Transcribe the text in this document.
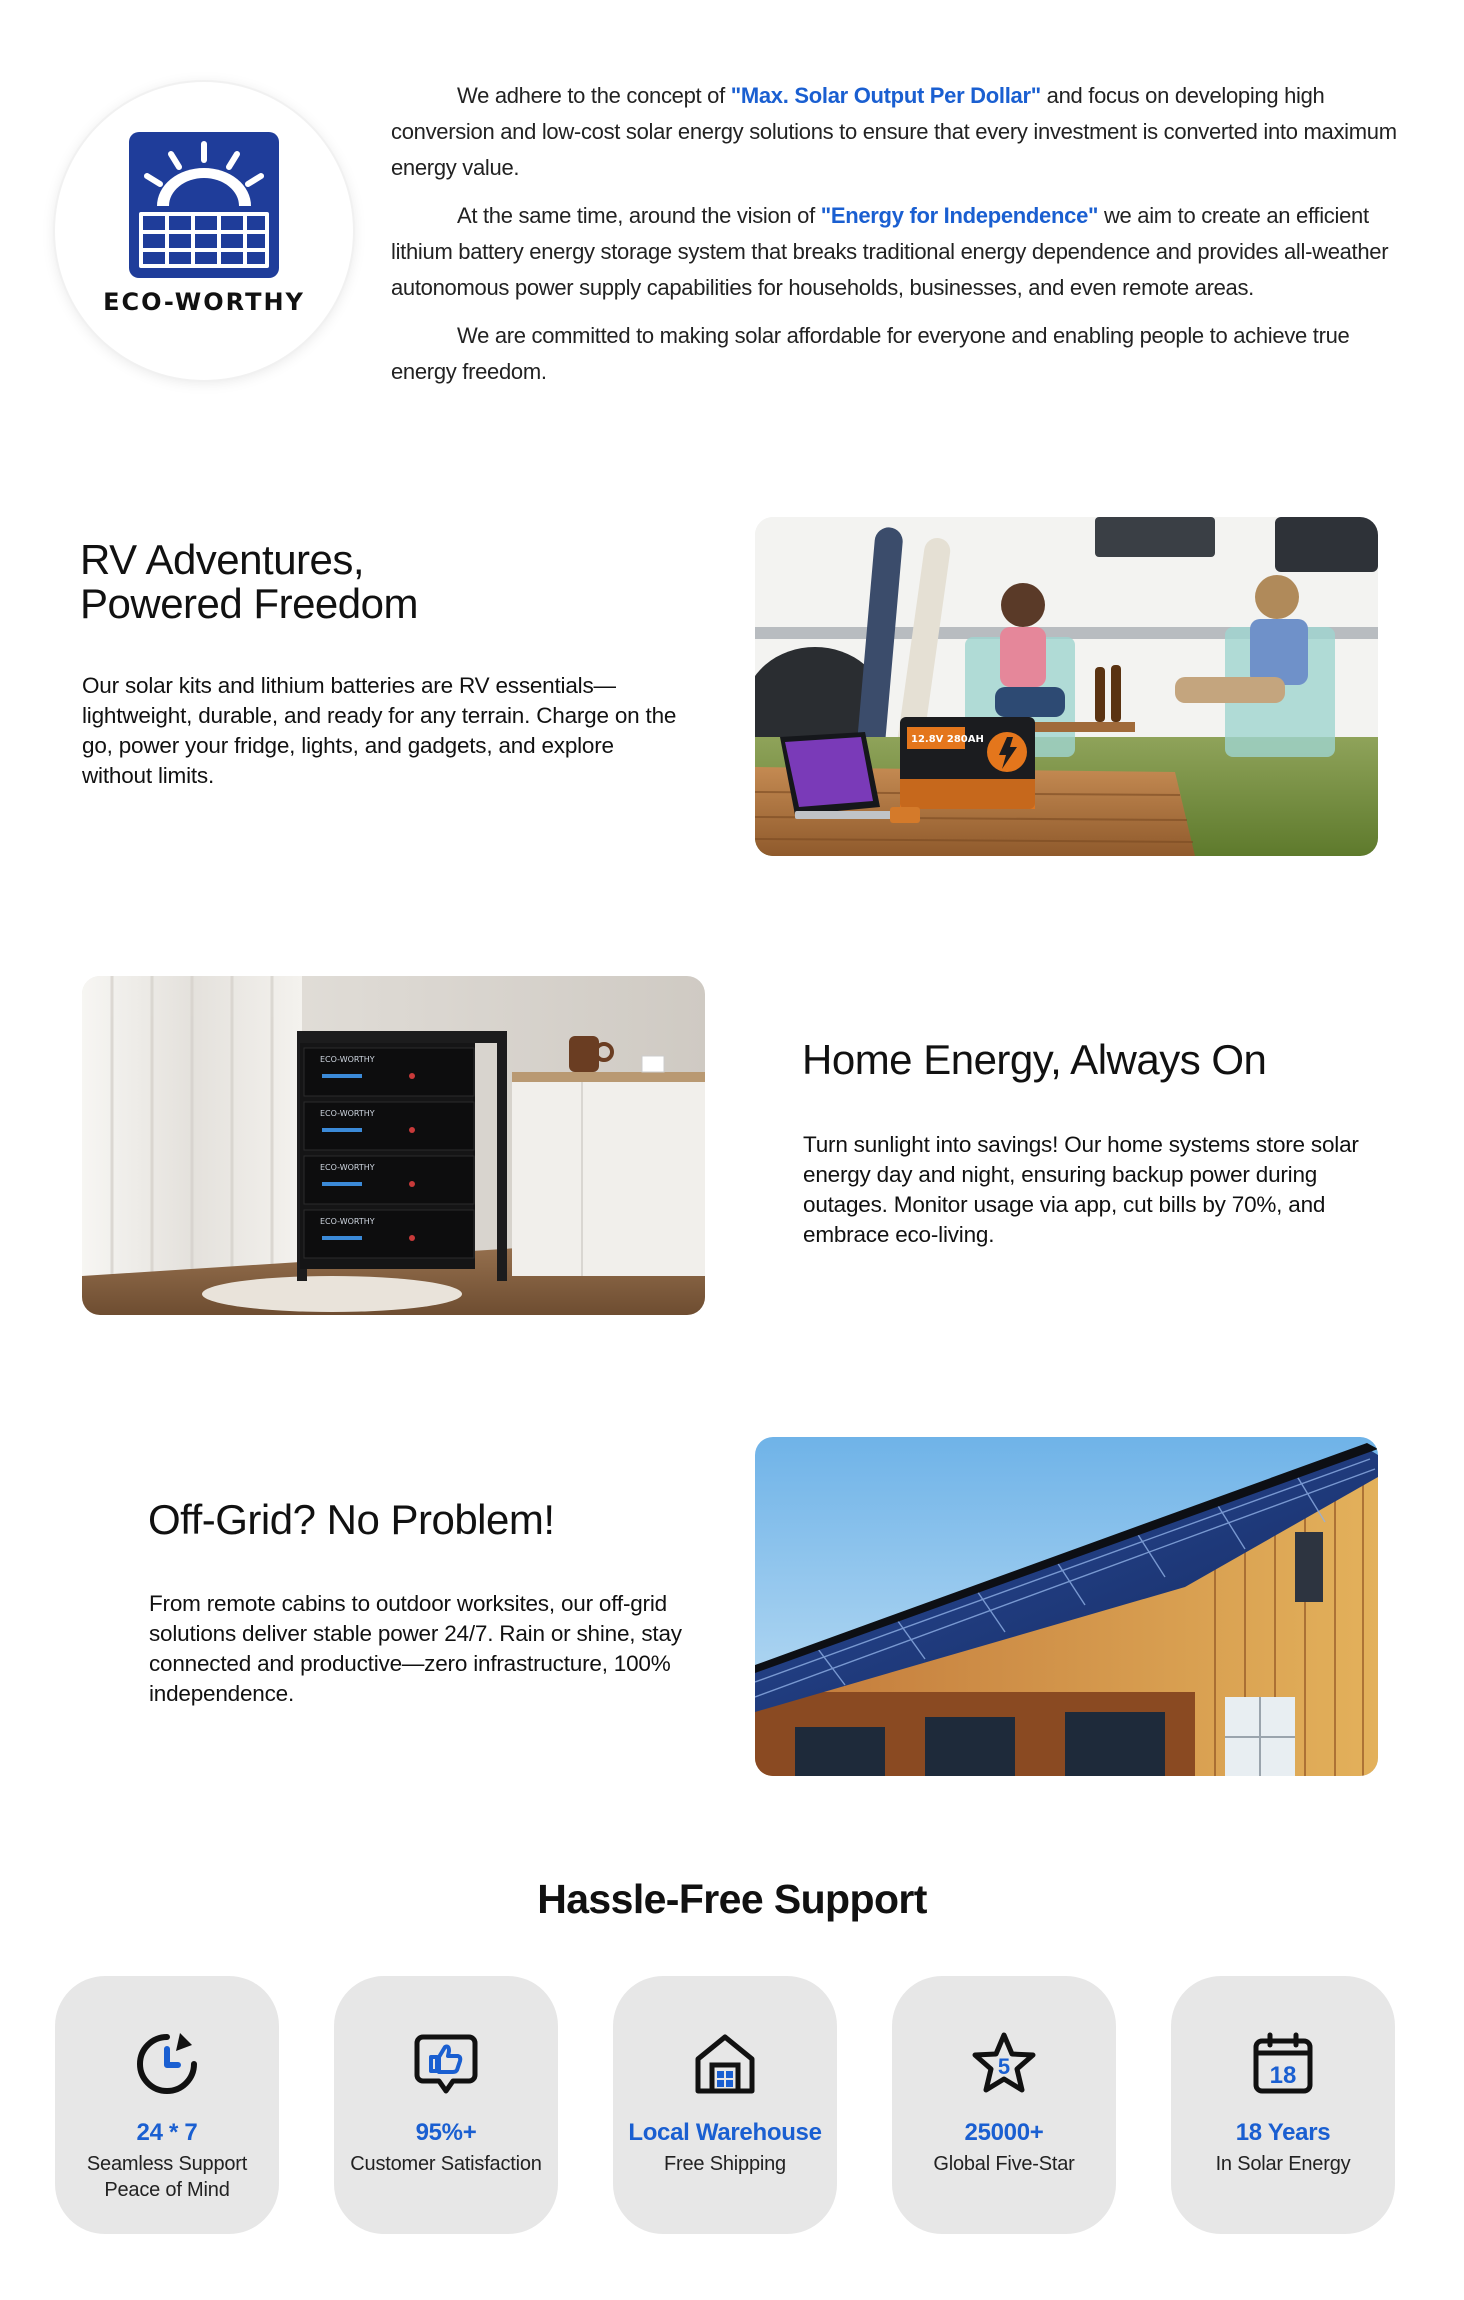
ECO-WORTHY

We adhere to the concept of "Max. Solar Output Per Dollar" and focus on developing high conversion and low-cost solar energy solutions to ensure that every investment is converted into maximum energy value.

At the same time, around the vision of "Energy for Independence" we aim to create an efficient lithium battery energy storage system that breaks traditional energy dependence and provides all-weather autonomous power supply capabilities for households, businesses, and even remote areas.

We are committed to making solar affordable for everyone and enabling people to achieve true energy freedom.

RV Adventures,
Powered Freedom

Our solar kits and lithium batteries are RV essentials—lightweight, durable, and ready for any terrain. Charge on the go, power your fridge, lights, and gadgets, and explore without limits.

12.8V 280AH
ECO-WORTHY
ECO-WORTHY
ECO-WORTHY
ECO-WORTHY
Home Energy, Always On

Turn sunlight into savings! Our home systems store solar energy day and night, ensuring backup power during outages. Monitor usage via app, cut bills by 70%, and embrace eco-living.

Off-Grid? No Problem!

From remote cabins to outdoor worksites, our off-grid solutions deliver stable power 24/7. Rain or shine, stay connected and productive—zero infrastructure, 100% independence.

Hassle-Free Support
24 * 7
Seamless Support
Peace of Mind
95%+
Customer Satisfaction
Local Warehouse
Free Shipping
5
25000+
Global Five-Star
18
18 Years
In Solar Energy
